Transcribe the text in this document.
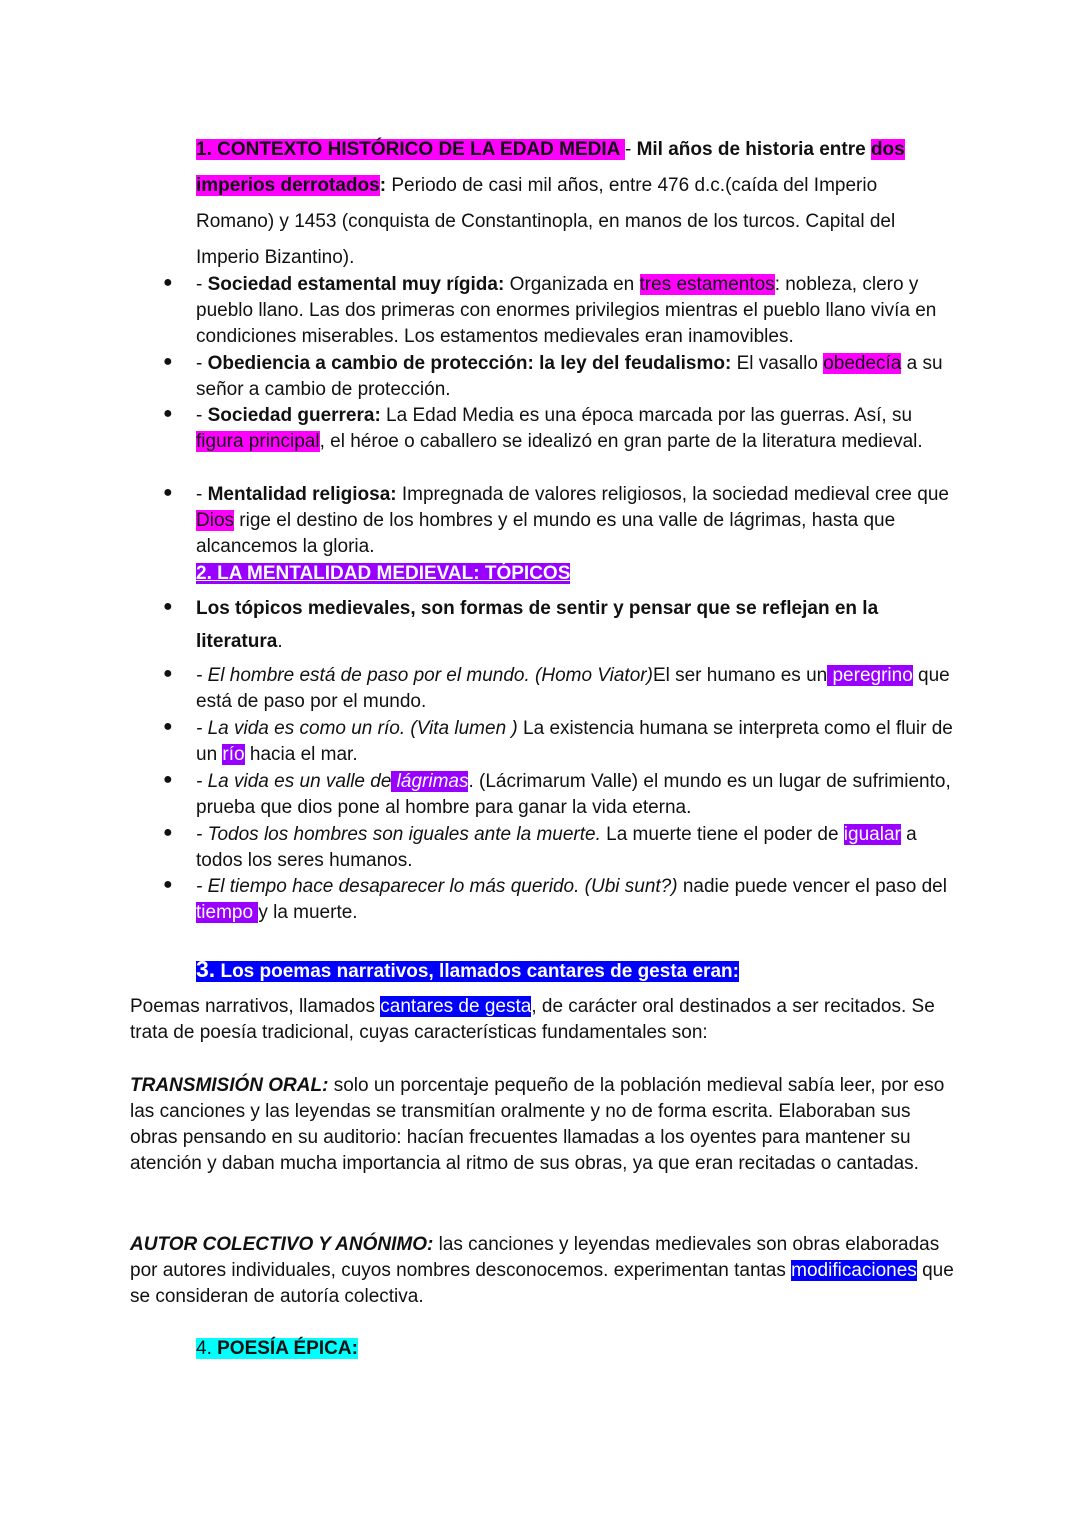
1. CONTEXTO HISTÓRICO DE LA EDAD MEDIA - Mil años de historia entre dos imperios derrotados: Periodo de casi mil años, entre 476 d.c.(caída del Imperio Romano) y 1453 (conquista de Constantinopla, en manos de los turcos. Capital del Imperio Bizantino).
● - Sociedad estamental muy rígida: Organizada en tres estamentos: nobleza, clero y pueblo llano. Las dos primeras con enormes privilegios mientras el pueblo llano vivía en condiciones miserables. Los estamentos medievales eran inamovibles.
● - Obediencia a cambio de protección: la ley del feudalismo: El vasallo obedecía a su señor a cambio de protección.
● - Sociedad guerrera: La Edad Media es una época marcada por las guerras. Así, su figura principal, el héroe o caballero se idealizó en gran parte de la literatura medieval.
● - Mentalidad religiosa: Impregnada de valores religiosos, la sociedad medieval cree que Dios rige el destino de los hombres y el mundo es una valle de lágrimas, hasta que alcancemos la gloria.
2. LA MENTALIDAD MEDIEVAL: TÓPICOS
● Los tópicos medievales, son formas de sentir y pensar que se reflejan en la literatura.
● - El hombre está de paso por el mundo. (Homo Viator)El ser humano es un peregrino que está de paso por el mundo.
● - La vida es como un río. (Vita lumen ) La existencia humana se interpreta como el fluir de un río hacia el mar.
● - La vida es un valle de lágrimas. (Lácrimarum Valle) el mundo es un lugar de sufrimiento, prueba que dios pone al hombre para ganar la vida eterna.
● - Todos los hombres son iguales ante la muerte. La muerte tiene el poder de igualar a todos los seres humanos.
● - El tiempo hace desaparecer lo más querido. (Ubi sunt?) nadie puede vencer el paso del tiempo y la muerte.
3. Los poemas narrativos, llamados cantares de gesta eran:
Poemas narrativos, llamados cantares de gesta, de carácter oral destinados a ser recitados. Se trata de poesía tradicional, cuyas características fundamentales son:
TRANSMISIÓN ORAL: solo un porcentaje pequeño de la población medieval sabía leer, por eso las canciones y las leyendas se transmitían oralmente y no de forma escrita. Elaboraban sus obras pensando en su auditorio: hacían frecuentes llamadas a los oyentes para mantener su atención y daban mucha importancia al ritmo de sus obras, ya que eran recitadas o cantadas.
AUTOR COLECTIVO Y ANÓNIMO: las canciones y leyendas medievales son obras elaboradas por autores individuales, cuyos nombres desconocemos. experimentan tantas modificaciones que se consideran de autoría colectiva.
4. POESÍA ÉPICA:
